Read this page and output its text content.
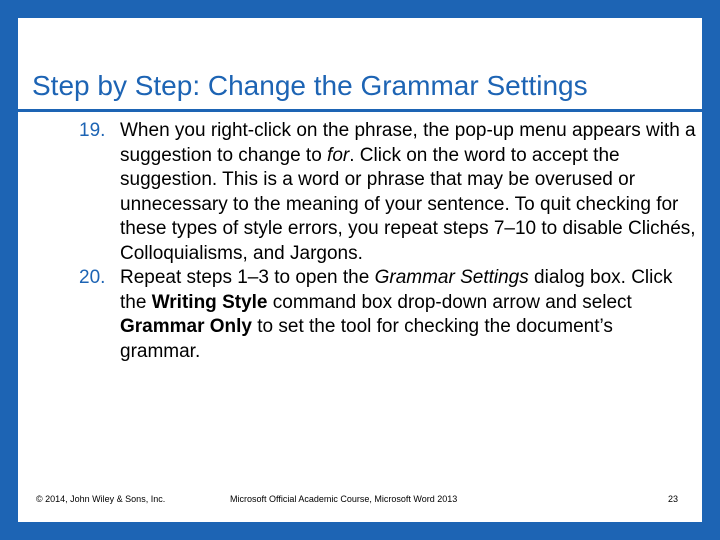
Step by Step: Change the Grammar Settings
19. When you right-click on the phrase, the pop-up menu appears with a suggestion to change to for. Click on the word to accept the suggestion. This is a word or phrase that may be overused or unnecessary to the meaning of your sentence. To quit checking for these types of style errors, you repeat steps 7–10 to disable Clichés, Colloquialisms, and Jargons.
20. Repeat steps 1–3 to open the Grammar Settings dialog box. Click the Writing Style command box drop-down arrow and select Grammar Only to set the tool for checking the document’s grammar.
© 2014, John Wiley & Sons, Inc.	Microsoft Official Academic Course, Microsoft Word 2013	23
